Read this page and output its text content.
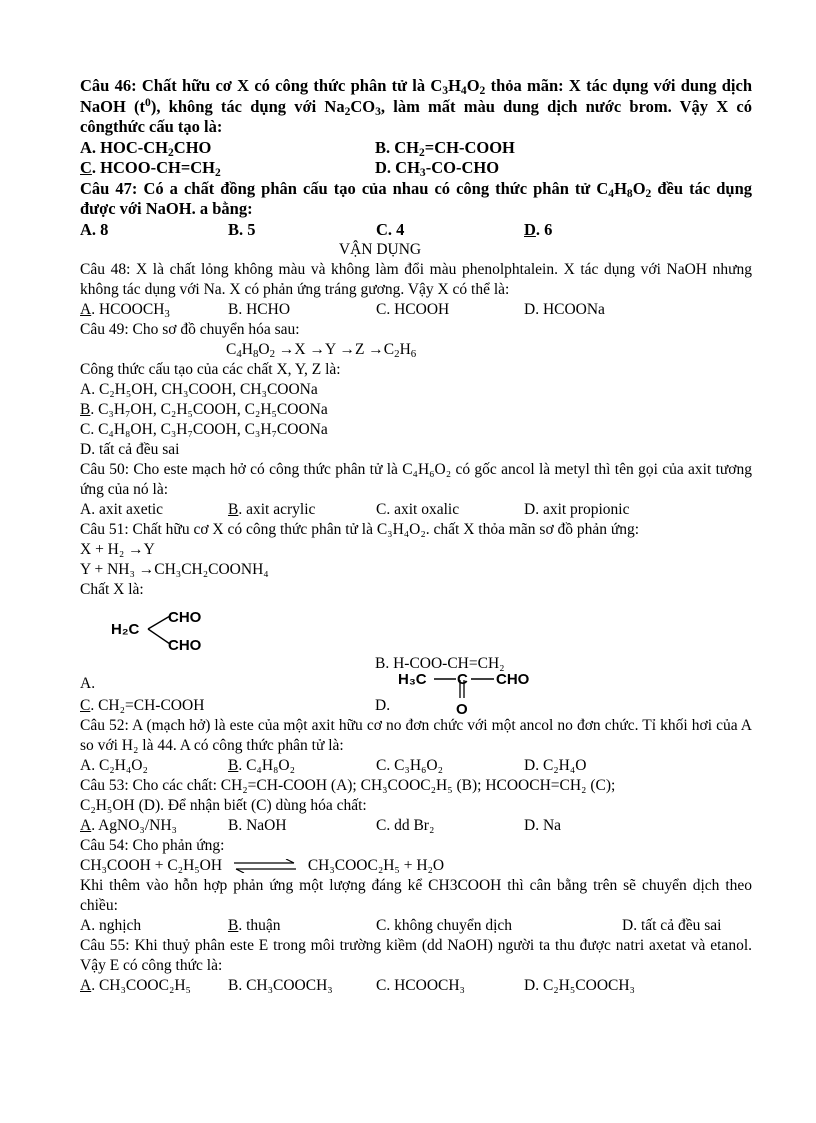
Câu 46: Chất hữu cơ X có công thức phân tử là $C_3H_4O_2$ thỏa mãn: X tác dụng với dung dịch NaOH $(t^0)$, không tác dụng với $Na_2CO_3$, làm mất màu dung dịch nước brom. Vậy X có côngthức cấu tạo là:
A. HOC-$CH_2CHO$	B. $CH_2=CH$-COOH
C. HCOO-$CH=CH_2$	D. $CH_3-CO$-CHO
Câu 47: Có a chất đồng phân cấu tạo của nhau có công thức phân tử $C_4H_8O_2$ đều tác dụng được với NaOH. a bằng:
A. 8	B. 5	C. 4	D. 6
VẬN DỤNG
Câu 48: X là chất lỏng không màu và không làm đổi màu phenolphtalein. X tác dụng với NaOH nhưng không tác dụng với Na. X có phản ứng tráng gương. Vậy X có thể là:
A. $HCOOCH_3$	B. HCHO	C. HCOOH	D. HCOONa
Câu 49: Cho sơ đồ chuyển hóa sau:
$C_4H_8O_2 \to X \to Y \to Z \to C_2H_6$
Công thức cấu tạo của các chất X, Y, Z là:
A. C₂H₅OH, CH₃COOH, CH₃COONa
B. C₃H₇OH, C₂H₅COOH, C₂H₅COONa
C. C₄H₈OH, C₃H₇COOH, C₃H₇COONa
D. tất cả đều sai
Câu 50: Cho este mạch hở có công thức phân tử là C₄H₆O₂ có gốc ancol là metyl thì tên gọi của axit tương ứng của nó là:
A. axit axetic	B. axit acrylic	C. axit oxalic	D. axit propionic
Câu 51: Chất hữu cơ X có công thức phân tử là C₃H₄O₂. chất X thỏa mãn sơ đồ phản ứng:
X + H₂ →Y
Y + NH₃ →CH₃CH₂COONH₄
Chất X là:
H₂C
CHO
CHO
H₃C C CHO
A.
B. H-COO-CH=CH₂
C. CH₂=CH-COOH	D.	O
Câu 52: A (mạch hở) là este của một axit hữu cơ no đơn chức với một ancol no đơn chức. Tỉ khối hơi của A so với H₂ là 44. A có công thức phân tử là:
A. C₂H₄O₂	B. C₄H₈O₂	C. C₃H₆O₂	D. C₂H₄O
Câu 53: Cho các chất: CH₂=CH-COOH (A); CH₃COOC₂H₅ (B); HCOOCH=CH₂ (C);
C₂H₅OH (D). Để nhận biết (C) dùng hóa chất:
A. AgNO₃/NH₃	B. NaOH	C. dd Br₂	D. Na
Câu 54: Cho phản ứng:
CH₃COOH + C₂H₅OH	CH₃COOC₂H₅ + H₂O
Khi thêm vào hỗn hợp phản ứng một lượng đáng kể CH3COOH thì cân bằng trên sẽ chuyển dịch theo chiều:
A. nghịch	B. thuận	C. không chuyển dịch	D. tất cả đều sai
Câu 55: Khi thuỷ phân este E trong môi trường kiềm (dd NaOH) người ta thu được natri axetat và etanol. Vậy E có công thức là:
A. CH₃COOC₂H₅	B. CH₃COOCH₃	C. HCOOCH₃	D. C₂H₅COOCH₃
